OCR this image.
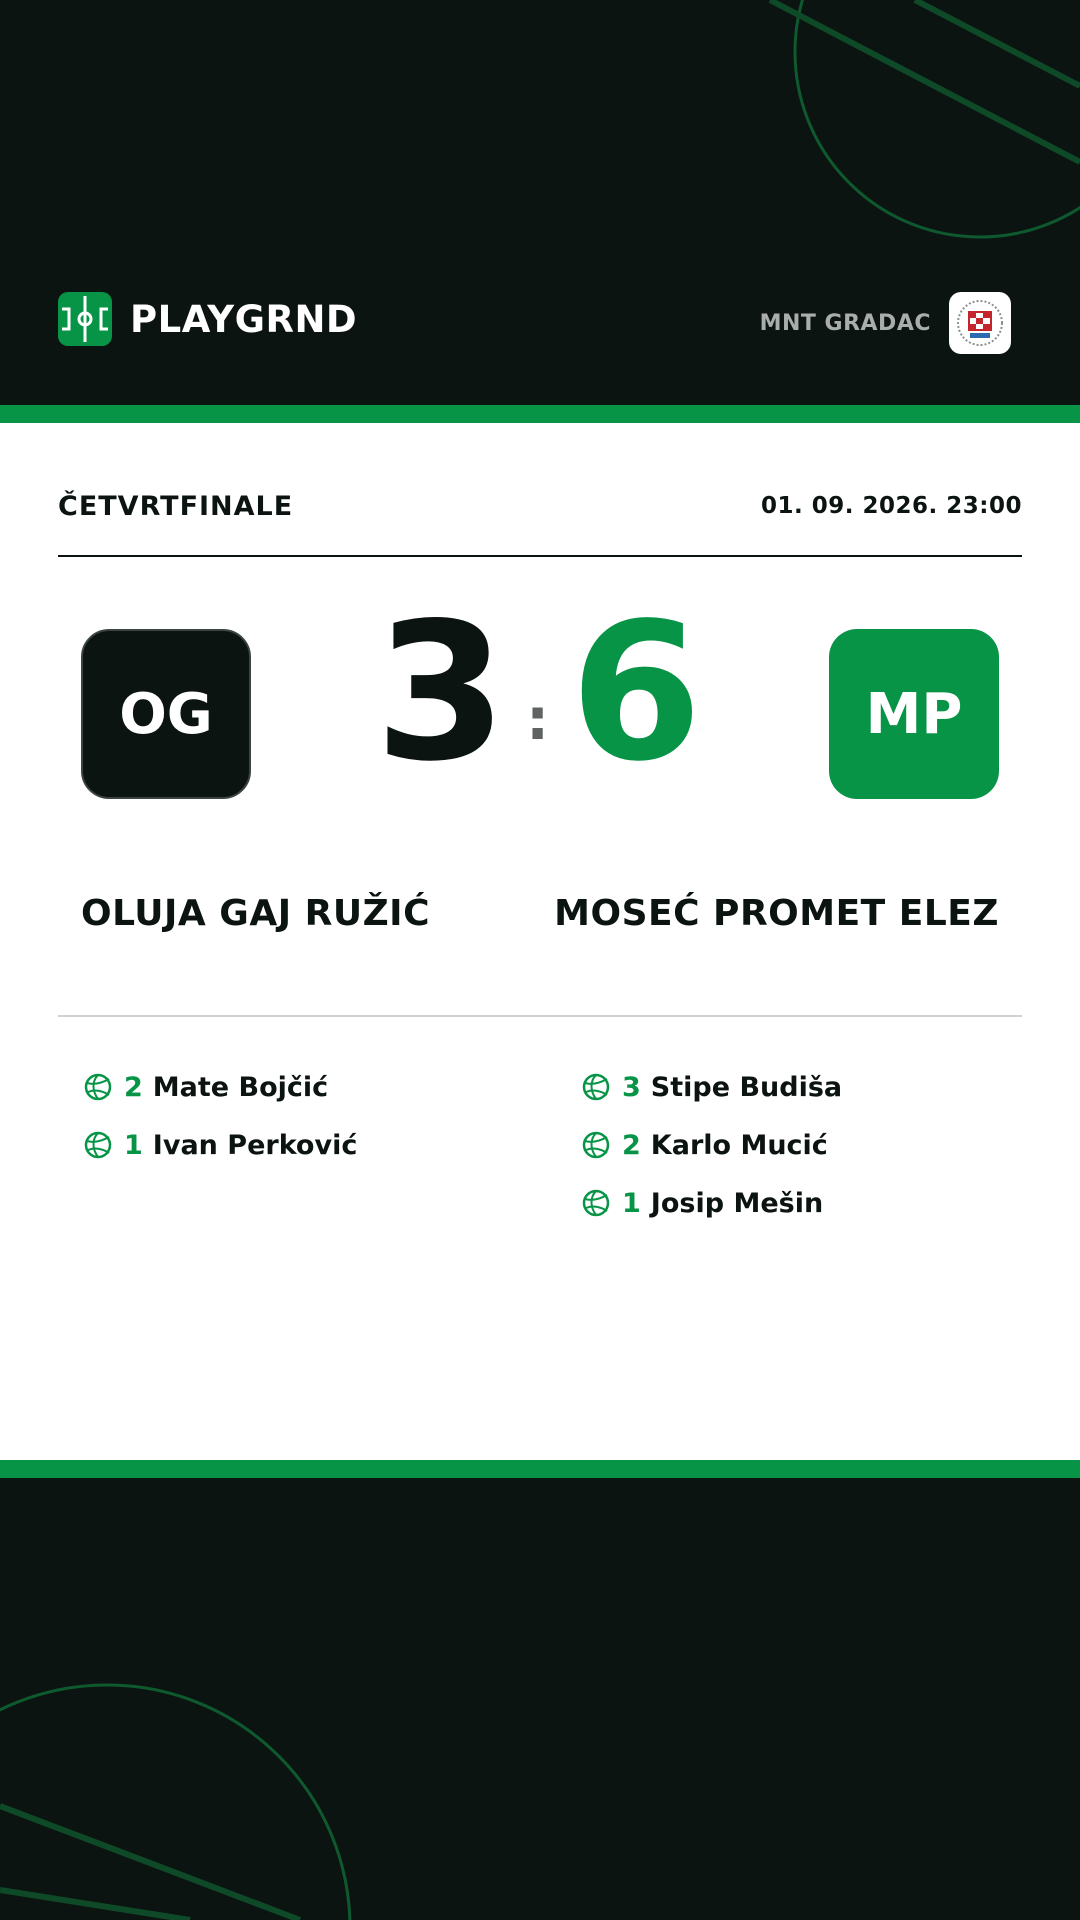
PLAYGRND	MNT GRADAC
ČETVRTFINALE	01. 09. 2026. 23:00
OG 3 : 6	MP
OLUJA GAJ RUŽIĆ	MOSEĆ PROMET ELEZ
2 Mate Bojčić
1 Ivan Perković
3 Stipe Budiša
2 Karlo Mucić
1 Josip Mešin
